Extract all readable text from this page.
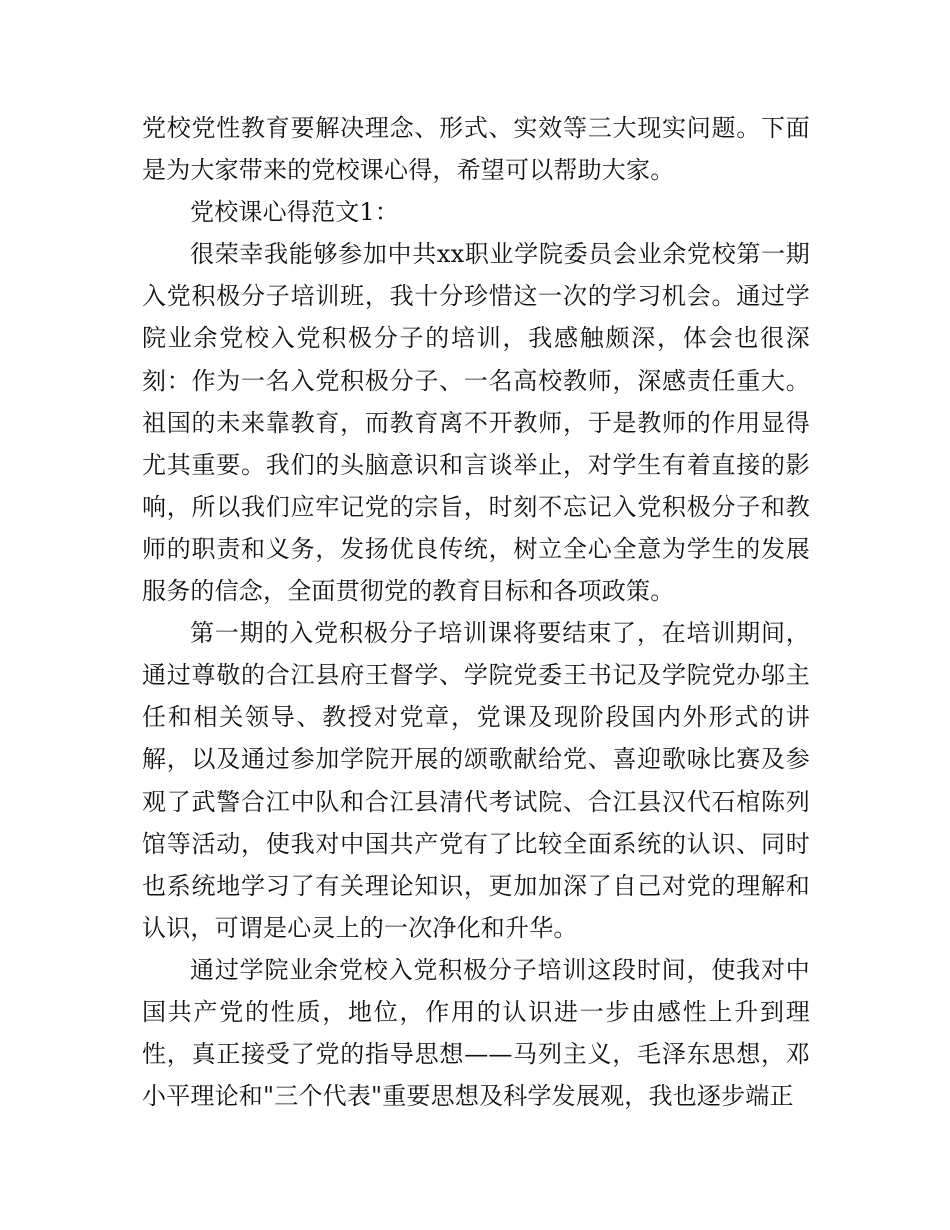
党校党性教育要解决理念、形式、实效等三大现实问题。下面是为大家带来的党校课心得，希望可以帮助大家。

党校课心得范文1：

很荣幸我能够参加中共xx职业学院委员会业余党校第一期入党积极分子培训班，我十分珍惜这一次的学习机会。通过学院业余党校入党积极分子的培训，我感触颇深，体会也很深刻：作为一名入党积极分子、一名高校教师，深感责任重大。祖国的未来靠教育，而教育离不开教师，于是教师的作用显得尤其重要。我们的头脑意识和言谈举止，对学生有着直接的影响，所以我们应牢记党的宗旨，时刻不忘记入党积极分子和教师的职责和义务，发扬优良传统，树立全心全意为学生的发展服务的信念，全面贯彻党的教育目标和各项政策。

第一期的入党积极分子培训课将要结束了，在培训期间，通过尊敬的合江县府王督学、学院党委王书记及学院党办邬主任和相关领导、教授对党章，党课及现阶段国内外形式的讲解，以及通过参加学院开展的颂歌献给党、喜迎歌咏比赛及参观了武警合江中队和合江县清代考试院、合江县汉代石棺陈列馆等活动，使我对中国共产党有了比较全面系统的认识、同时也系统地学习了有关理论知识，更加加深了自己对党的理解和认识，可谓是心灵上的一次净化和升华。

通过学院业余党校入党积极分子培训这段时间，使我对中国共产党的性质，地位，作用的认识进一步由感性上升到理性，真正接受了党的指导思想——马列主义，毛泽东思想，邓小平理论和"三个代表"重要思想及科学发展观，我也逐步端正
